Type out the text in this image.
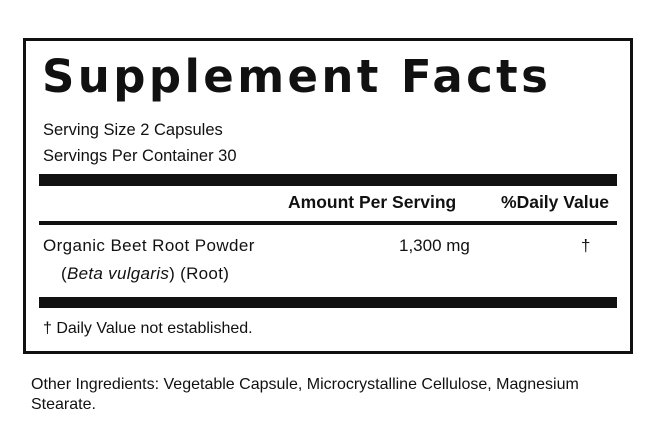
Supplement Facts
Serving Size 2 Capsules
Servings Per Container 30
Amount Per Serving	%Daily Value
Organic Beet Root Powder
(Beta vulgaris) (Root)
1,300 mg	†
† Daily Value not established.
Other Ingredients: Vegetable Capsule, Microcrystalline Cellulose, Magnesium Stearate.
